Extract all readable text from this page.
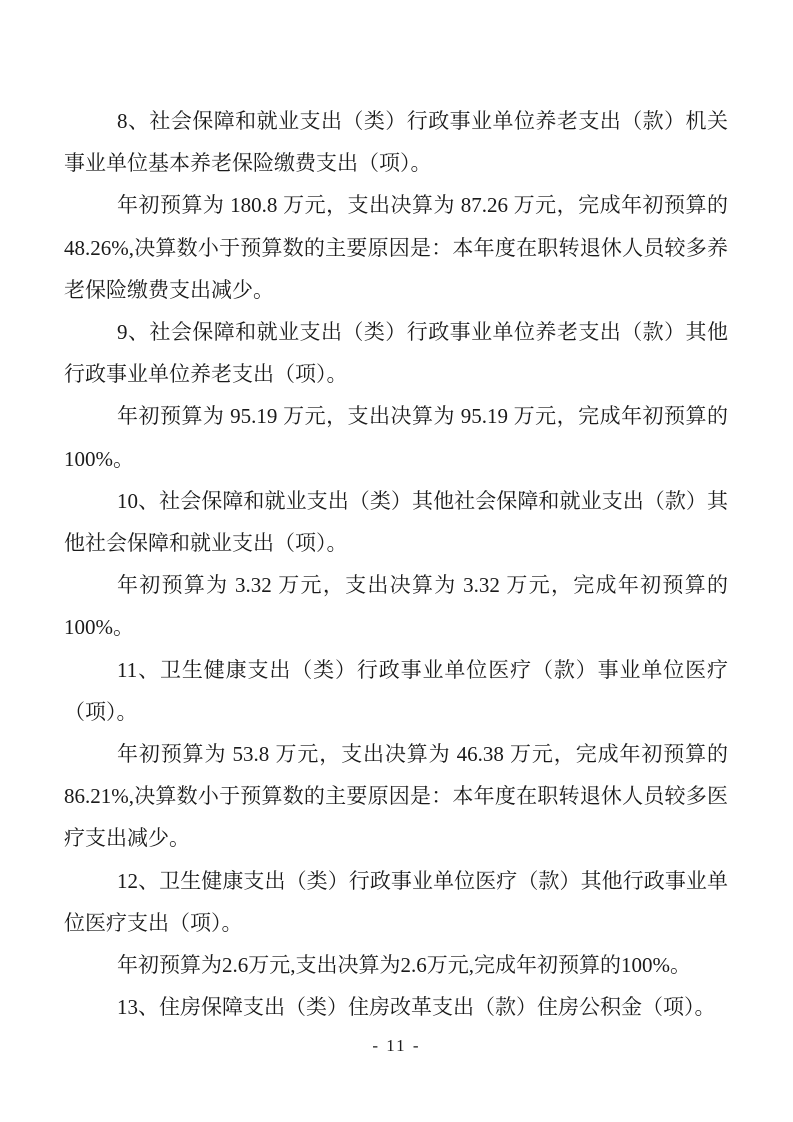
8、社会保障和就业支出（类）行政事业单位养老支出（款）机关事业单位基本养老保险缴费支出（项）。

年初预算为 180.8 万元，支出决算为 87.26 万元，完成年初预算的 48.26%,决算数小于预算数的主要原因是：本年度在职转退休人员较多养老保险缴费支出减少。

9、社会保障和就业支出（类）行政事业单位养老支出（款）其他行政事业单位养老支出（项）。

年初预算为 95.19 万元，支出决算为 95.19 万元，完成年初预算的 100%。

10、社会保障和就业支出（类）其他社会保障和就业支出（款）其他社会保障和就业支出（项）。

年初预算为 3.32 万元，支出决算为 3.32 万元，完成年初预算的 100%。

11、卫生健康支出（类）行政事业单位医疗（款）事业单位医疗（项）。

年初预算为 53.8 万元，支出决算为 46.38 万元，完成年初预算的 86.21%,决算数小于预算数的主要原因是：本年度在职转退休人员较多医疗支出减少。

12、卫生健康支出（类）行政事业单位医疗（款）其他行政事业单位医疗支出（项）。

年初预算为2.6万元,支出决算为2.6万元,完成年初预算的100%。

13、住房保障支出（类）住房改革支出（款）住房公积金（项）。

- 11 -
